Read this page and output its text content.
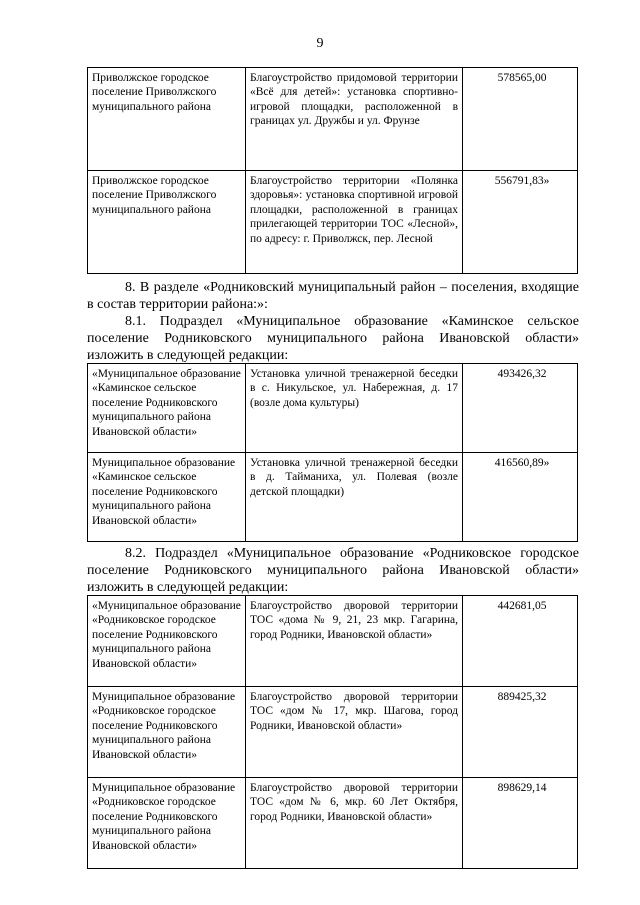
9
Приволжское городское поселение Приволжского муниципального района	Благоустройство придомовой территории «Всё для детей»: установка спортивно-игровой площадки, расположенной в границах ул. Дружбы и ул. Фрунзе	578565,00
Приволжское городское поселение Приволжского муниципального района	Благоустройство территории «Полянка здоровья»: установка спортивной игровой площадки, расположенной в границах прилегающей территории ТОС «Лесной», по адресу: г. Приволжск, пер. Лесной	556791,83»
8. В разделе «Родниковский муниципальный район – поселения, входящие в состав территории района:»:
8.1. Подраздел «Муниципальное образование «Каминское сельское поселение Родниковского муниципального района Ивановской области» изложить в следующей редакции:
«Муниципальное образование «Каминское сельское поселение Родниковского муниципального района Ивановской области»	Установка уличной тренажерной беседки в с. Никульское, ул. Набережная, д. 17 (возле дома культуры)	493426,32
Муниципальное образование «Каминское сельское поселение Родниковского муниципального района Ивановской области»	Установка уличной тренажерной беседки в д. Тайманиха, ул. Полевая (возле детской площадки)	416560,89»
8.2. Подраздел «Муниципальное образование «Родниковское городское поселение Родниковского муниципального района Ивановской области» изложить в следующей редакции:
«Муниципальное образование «Родниковское городское поселение Родниковского муниципального района Ивановской области»	Благоустройство дворовой территории ТОС «дома № 9, 21, 23 мкр. Гагарина, город Родники, Ивановской области»	442681,05
Муниципальное образование «Родниковское городское поселение Родниковского муниципального района Ивановской области»	Благоустройство дворовой территории ТОС «дом № 17, мкр. Шагова, город Родники, Ивановской области»	889425,32
Муниципальное образование «Родниковское городское поселение Родниковского муниципального района Ивановской области»	Благоустройство дворовой территории ТОС «дом № 6, мкр. 60 Лет Октября, город Родники, Ивановской области»	898629,14
